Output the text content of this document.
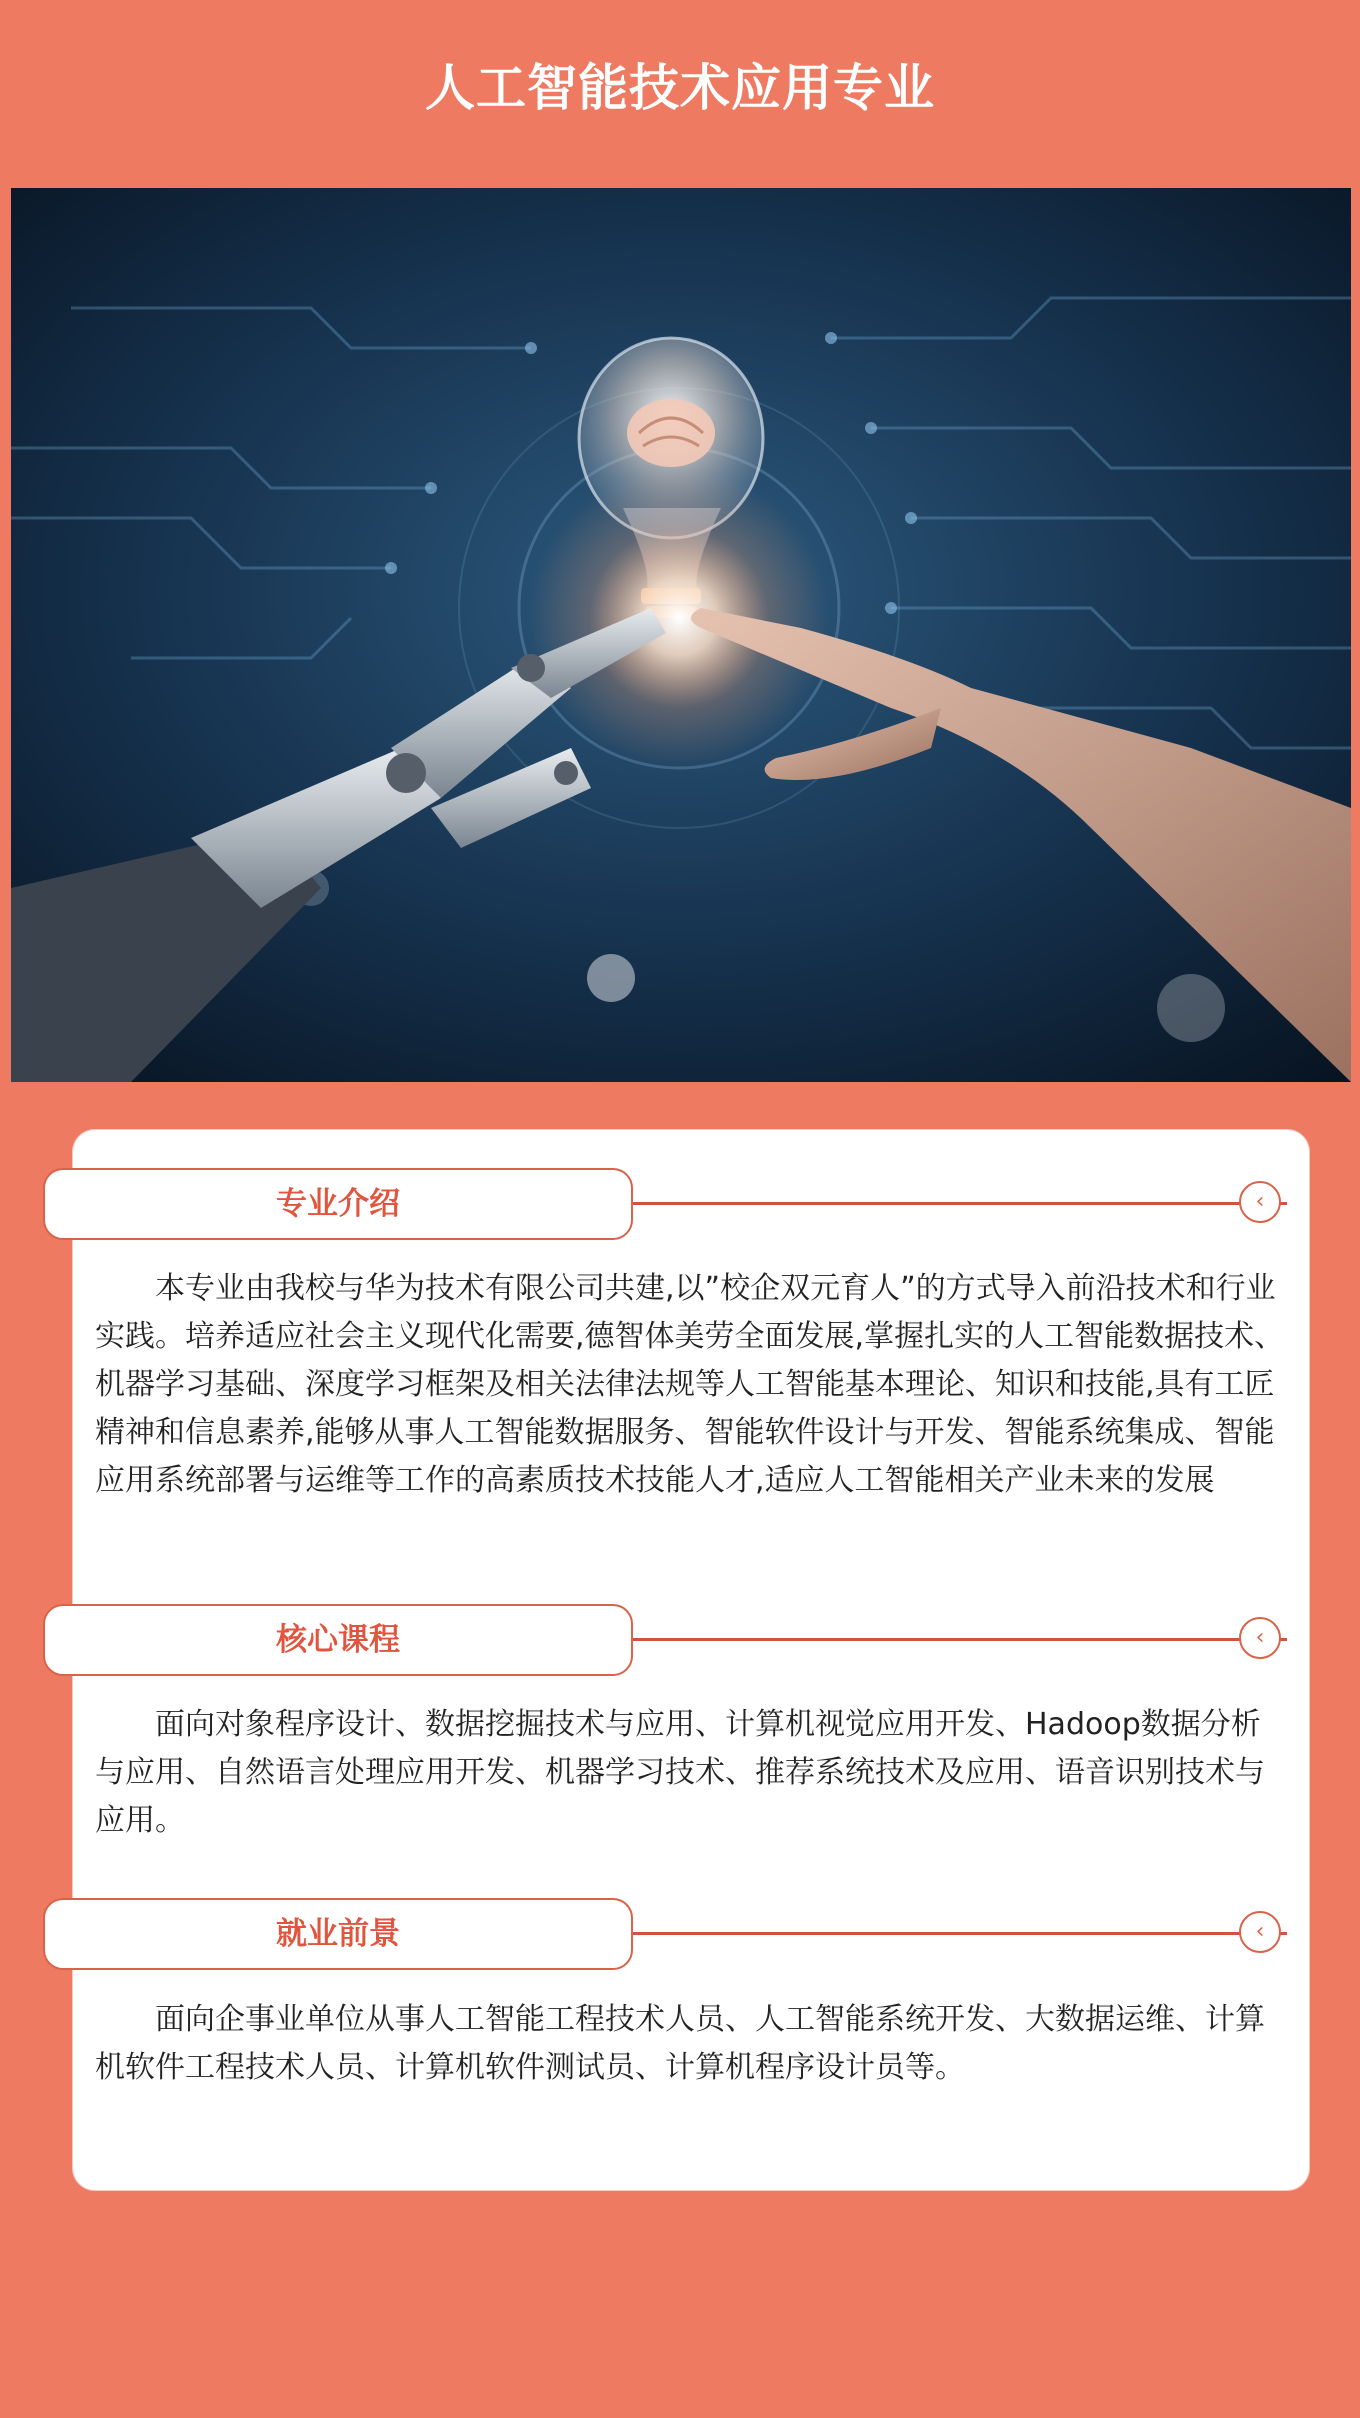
人工智能技术应用专业
专业介绍	‹

本专业由我校与华为技术有限公司共建,以”校企双元育人”的方式导入前沿技术和行业实践。培养适应社会主义现代化需要,德智体美劳全面发展,掌握扎实的人工智能数据技术、机器学习基础、深度学习框架及相关法律法规等人工智能基本理论、知识和技能,具有工匠精神和信息素养,能够从事人工智能数据服务、智能软件设计与开发、智能系统集成、智能应用系统部署与运维等工作的高素质技术技能人才,适应人工智能相关产业未来的发展

核心课程	‹

面向对象程序设计、数据挖掘技术与应用、计算机视觉应用开发、Hadoop数据分析与应用、自然语言处理应用开发、机器学习技术、推荐系统技术及应用、语音识别技术与应用。

就业前景	‹

面向企事业单位从事人工智能工程技术人员、人工智能系统开发、大数据运维、计算机软件工程技术人员、计算机软件测试员、计算机程序设计员等。
